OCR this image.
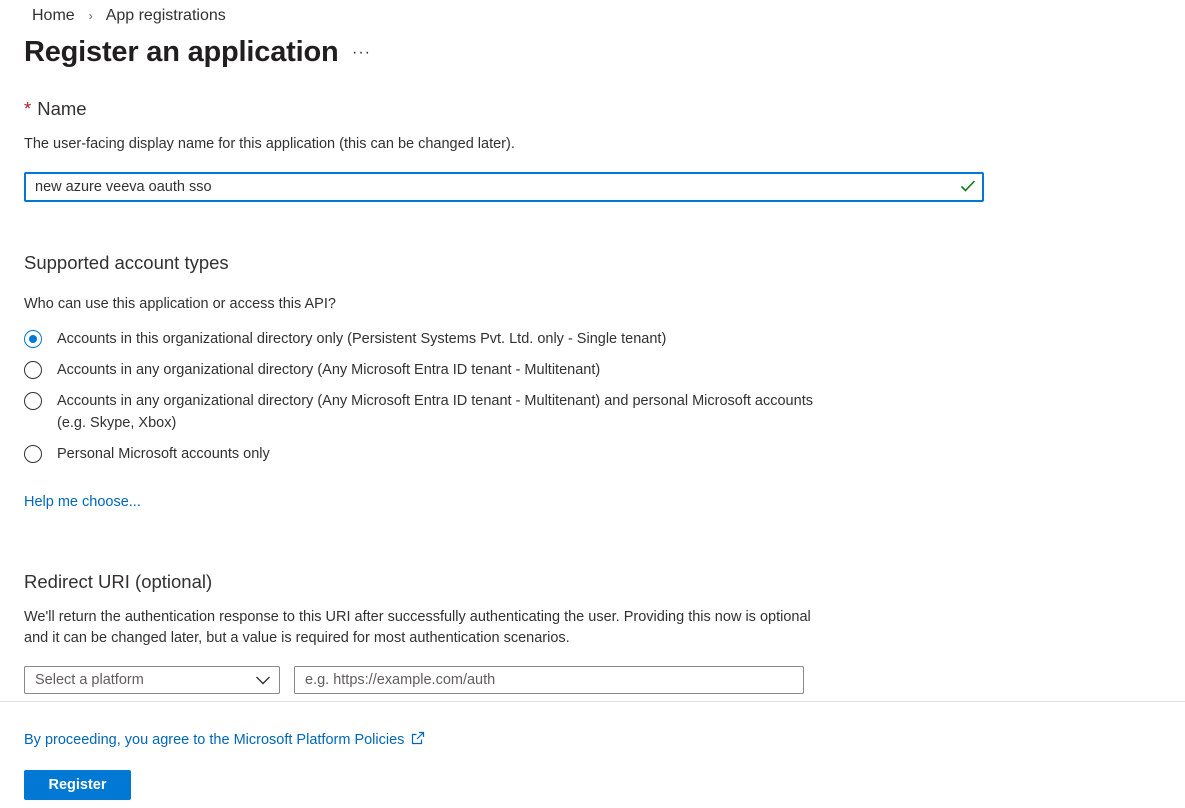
Home › App registrations
Register an application ···
* Name
The user-facing display name for this application (this can be changed later).
new azure veeva oauth sso
Supported account types
Who can use this application or access this API?
Accounts in this organizational directory only (Persistent Systems Pvt. Ltd. only - Single tenant)
Accounts in any organizational directory (Any Microsoft Entra ID tenant - Multitenant)
Accounts in any organizational directory (Any Microsoft Entra ID tenant - Multitenant) and personal Microsoft accounts (e.g. Skype, Xbox)
Personal Microsoft accounts only
Help me choose...
Redirect URI (optional)
We'll return the authentication response to this URI after successfully authenticating the user. Providing this now is optional and it can be changed later, but a value is required for most authentication scenarios.
Select a platform
e.g. https://example.com/auth
By proceeding, you agree to the Microsoft Platform Policies
Register
